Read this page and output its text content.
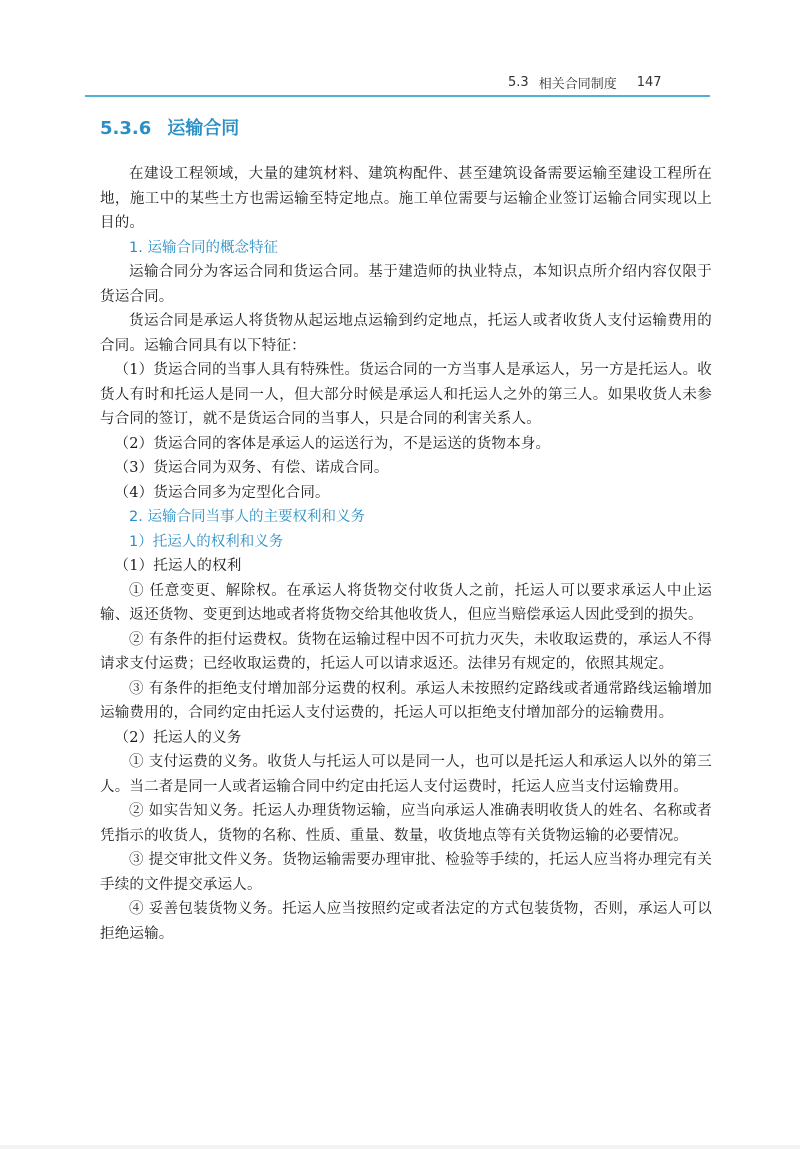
5.3 相关合同制度 147
5.3.6 运输合同

在建设工程领域，大量的建筑材料、建筑构配件、甚至建筑设备需要运输至建设工程所在地，施工中的某些土方也需运输至特定地点。施工单位需要与运输企业签订运输合同实现以上目的。

1. 运输合同的概念特征

运输合同分为客运合同和货运合同。基于建造师的执业特点，本知识点所介绍内容仅限于货运合同。

货运合同是承运人将货物从起运地点运输到约定地点，托运人或者收货人支付运输费用的合同。运输合同具有以下特征：

（1）货运合同的当事人具有特殊性。货运合同的一方当事人是承运人，另一方是托运人。收货人有时和托运人是同一人，但大部分时候是承运人和托运人之外的第三人。如果收货人未参与合同的签订，就不是货运合同的当事人，只是合同的利害关系人。

（2）货运合同的客体是承运人的运送行为，不是运送的货物本身。

（3）货运合同为双务、有偿、诺成合同。

（4）货运合同多为定型化合同。

2. 运输合同当事人的主要权利和义务
1）托运人的权利和义务

（1）托运人的权利

① 任意变更、解除权。在承运人将货物交付收货人之前，托运人可以要求承运人中止运输、返还货物、变更到达地或者将货物交给其他收货人，但应当赔偿承运人因此受到的损失。

② 有条件的拒付运费权。货物在运输过程中因不可抗力灭失，未收取运费的，承运人不得请求支付运费；已经收取运费的，托运人可以请求返还。法律另有规定的，依照其规定。

③ 有条件的拒绝支付增加部分运费的权利。承运人未按照约定路线或者通常路线运输增加运输费用的，合同约定由托运人支付运费的，托运人可以拒绝支付增加部分的运输费用。

（2）托运人的义务

① 支付运费的义务。收货人与托运人可以是同一人，也可以是托运人和承运人以外的第三人。当二者是同一人或者运输合同中约定由托运人支付运费时，托运人应当支付运输费用。

② 如实告知义务。托运人办理货物运输，应当向承运人准确表明收货人的姓名、名称或者凭指示的收货人，货物的名称、性质、重量、数量，收货地点等有关货物运输的必要情况。

③ 提交审批文件义务。货物运输需要办理审批、检验等手续的，托运人应当将办理完有关手续的文件提交承运人。

④ 妥善包装货物义务。托运人应当按照约定或者法定的方式包装货物，否则，承运人可以拒绝运输。
